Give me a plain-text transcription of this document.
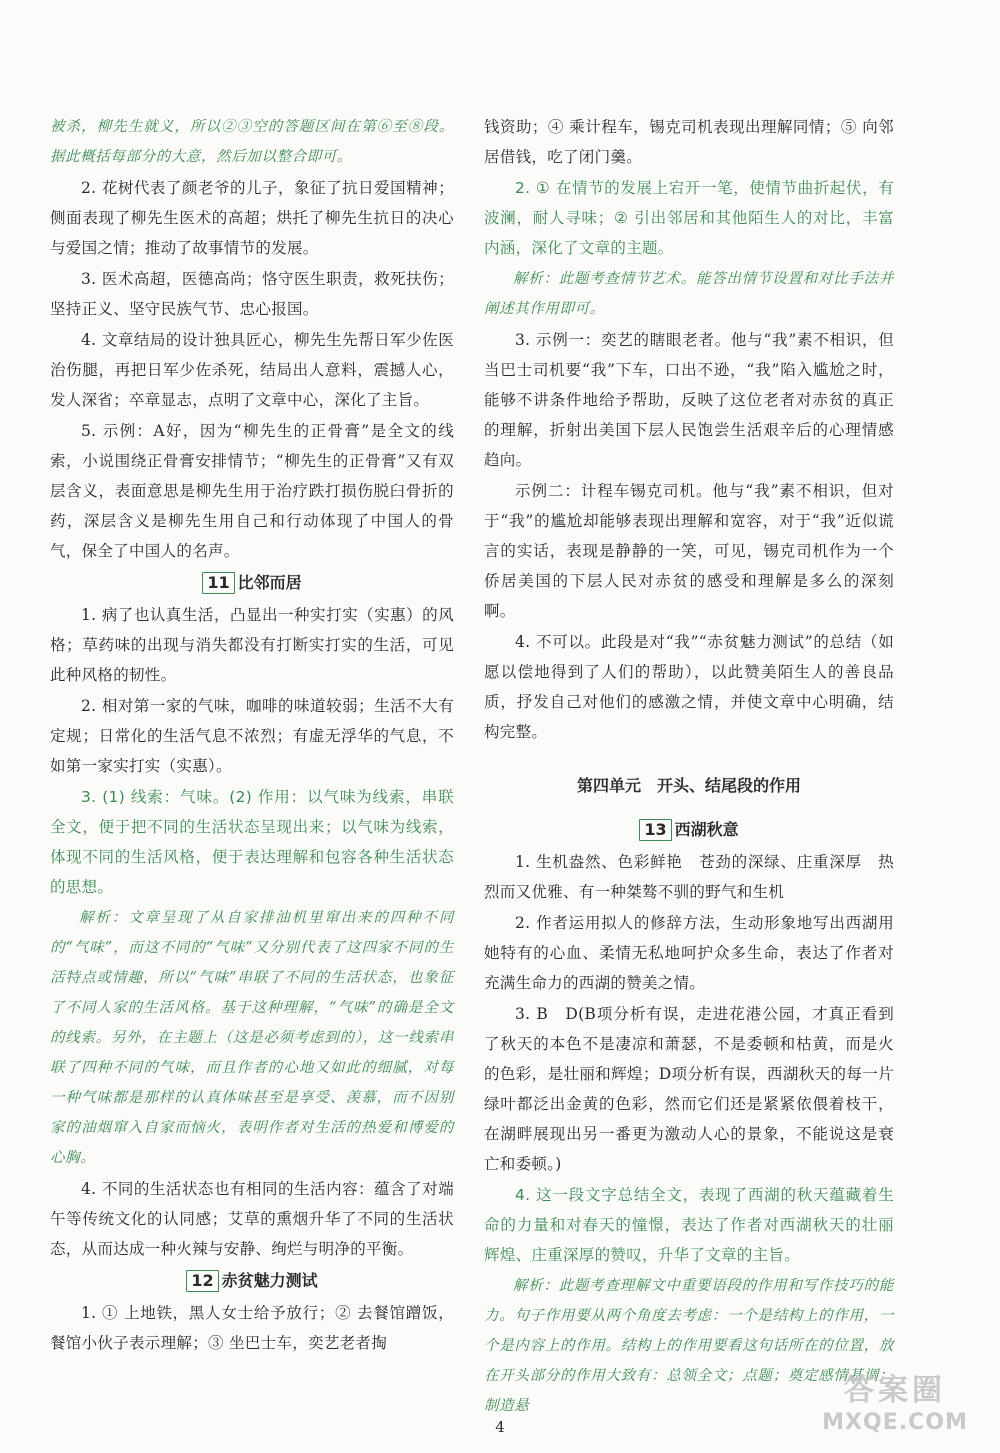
被杀，柳先生就义，所以②③空的答题区间在第⑥至⑧段。据此概括每部分的大意，然后加以整合即可。

2. 花树代表了颜老爷的儿子，象征了抗日爱国精神；侧面表现了柳先生医术的高超；烘托了柳先生抗日的决心与爱国之情；推动了故事情节的发展。

3. 医术高超，医德高尚；恪守医生职责，救死扶伤；坚持正义、坚守民族气节、忠心报国。

4. 文章结局的设计独具匠心，柳先生先帮日军少佐医治伤腿，再把日军少佐杀死，结局出人意料，震撼人心，发人深省；卒章显志，点明了文章中心，深化了主旨。

5. 示例：A好，因为“柳先生的正骨膏”是全文的线索，小说围绕正骨膏安排情节；“柳先生的正骨膏”又有双层含义，表面意思是柳先生用于治疗跌打损伤脱臼骨折的药，深层含义是柳先生用自己和行动体现了中国人的骨气，保全了中国人的名声。

11 比邻而居

1. 病了也认真生活，凸显出一种实打实（实惠）的风格；草药味的出现与消失都没有打断实打实的生活，可见此种风格的韧性。

2. 相对第一家的气味，咖啡的味道较弱；生活不大有定规；日常化的生活气息不浓烈；有虚无浮华的气息，不如第一家实打实（实惠）。

3. (1) 线索：气味。(2) 作用：以气味为线索，串联全文，便于把不同的生活状态呈现出来；以气味为线索，体现不同的生活风格，便于表达理解和包容各种生活状态的思想。

解析：文章呈现了从自家排油机里窜出来的四种不同的“气味”，而这不同的“气味”又分别代表了这四家不同的生活特点或情趣，所以“气味”串联了不同的生活状态，也象征了不同人家的生活风格。基于这种理解，“气味”的确是全文的线索。另外，在主题上（这是必须考虑到的），这一线索串联了四种不同的气味，而且作者的心地又如此的细腻，对每一种气味都是那样的认真体味甚至是享受、羡慕，而不因别家的油烟窜入自家而恼火，表明作者对生活的热爱和博爱的心胸。

4. 不同的生活状态也有相同的生活内容：蕴含了对端午等传统文化的认同感；艾草的熏烟升华了不同的生活状态，从而达成一种火辣与安静、绚烂与明净的平衡。

12 赤贫魅力测试

1. ① 上地铁，黑人女士给予放行；② 去餐馆蹭饭，餐馆小伙子表示理解；③ 坐巴士车，奕艺老者掏

钱资助；④ 乘计程车，锡克司机表现出理解同情；⑤ 向邻居借钱，吃了闭门羹。

2. ① 在情节的发展上宕开一笔，使情节曲折起伏，有波澜，耐人寻味；② 引出邻居和其他陌生人的对比，丰富内涵，深化了文章的主题。

解析：此题考查情节艺术。能答出情节设置和对比手法并阐述其作用即可。

3. 示例一：奕艺的瞎眼老者。他与“我”素不相识，但当巴士司机要“我”下车，口出不逊，“我”陷入尴尬之时，能够不讲条件地给予帮助，反映了这位老者对赤贫的真正的理解，折射出美国下层人民饱尝生活艰辛后的心理情感趋向。

示例二：计程车锡克司机。他与“我”素不相识，但对于“我”的尴尬却能够表现出理解和宽容，对于“我”近似谎言的实话，表现是静静的一笑，可见，锡克司机作为一个侨居美国的下层人民对赤贫的感受和理解是多么的深刻啊。

4. 不可以。此段是对“我”“赤贫魅力测试”的总结（如愿以偿地得到了人们的帮助），以此赞美陌生人的善良品质，抒发自己对他们的感激之情，并使文章中心明确，结构完整。

第四单元　开头、结尾段的作用
13 西湖秋意

1. 生机盎然、色彩鲜艳　苍劲的深绿、庄重深厚　热烈而又优雅、有一种桀骜不驯的野气和生机

2. 作者运用拟人的修辞方法，生动形象地写出西湖用她特有的心血、柔情无私地呵护众多生命，表达了作者对充满生命力的西湖的赞美之情。

3. B　D(B项分析有误，走进花港公园，才真正看到了秋天的本色不是凄凉和萧瑟，不是委顿和枯黄，而是火的色彩，是壮丽和辉煌；D项分析有误，西湖秋天的每一片绿叶都泛出金黄的色彩，然而它们还是紧紧依偎着枝干，在湖畔展现出另一番更为激动人心的景象，不能说这是衰亡和委顿。)

4. 这一段文字总结全文，表现了西湖的秋天蕴藏着生命的力量和对春天的憧憬，表达了作者对西湖秋天的壮丽辉煌、庄重深厚的赞叹，升华了文章的主旨。

解析：此题考查理解文中重要语段的作用和写作技巧的能力。句子作用要从两个角度去考虑：一个是结构上的作用，一个是内容上的作用。结构上的作用要看这句话所在的位置，放在开头部分的作用大致有：总领全文；点题；奠定感情基调；制造悬

4
答案圈
MXQE.COM
